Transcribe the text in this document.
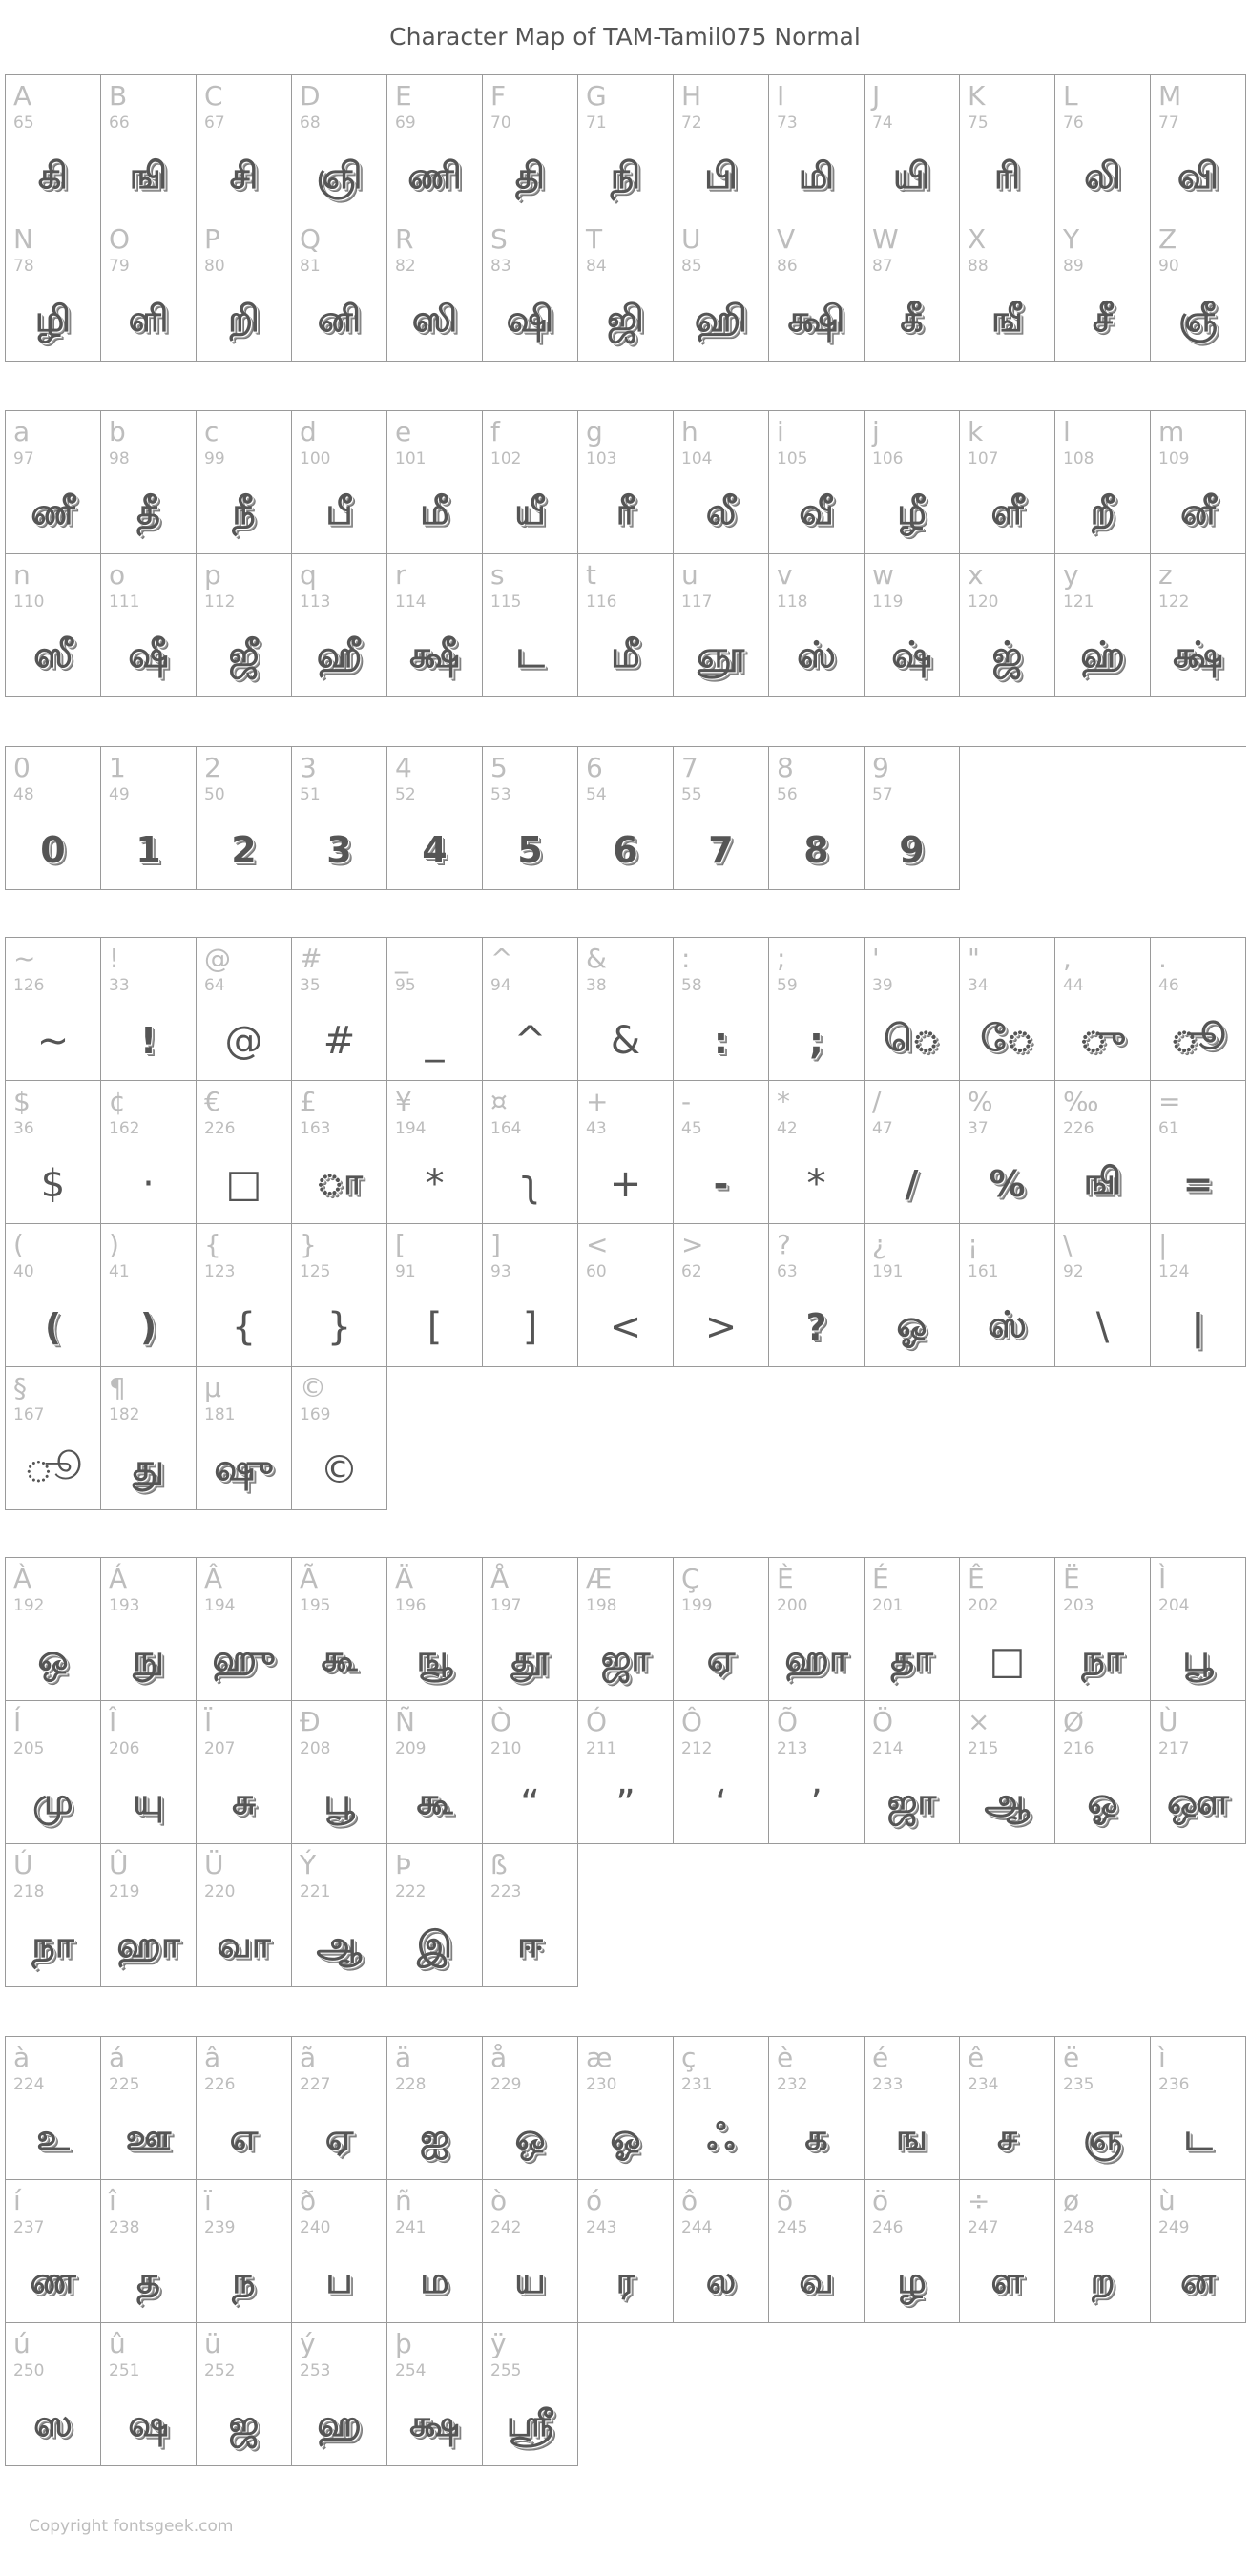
Character Map of TAM-Tamil075 Normal
A
65
கி
B
66
ஙி
C
67
சி
D
68
ஞி
E
69
ணி
F
70
தி
G
71
நி
H
72
பி
I
73
மி
J
74
யி
K
75
ரி
L
76
லி
M
77
வி
N
78
ழி
O
79
ளி
P
80
றி
Q
81
னி
R
82
ஸி
S
83
ஷி
T
84
ஜி
U
85
ஹி
V
86
க்ஷி
W
87
கீ
X
88
ஙீ
Y
89
சீ
Z
90
ஞீ
a
97
ணீ
b
98
தீ
c
99
நீ
d
100
பீ
e
101
மீ
f
102
யீ
g
103
ரீ
h
104
லீ
i
105
வீ
j
106
ழீ
k
107
ளீ
l
108
றீ
m
109
னீ
n
110
ஸீ
o
111
ஷீ
p
112
ஜீ
q
113
ஹீ
r
114
க்ஷீ
s
115
ட
t
116
மீ
u
117
ஞூ
v
118
ஸ்
w
119
ஷ்
x
120
ஜ்
y
121
ஹ்
z
122
க்ஷ்
0
48
0
1
49
1
2
50
2
3
51
3
4
52
4
5
53
5
6
54
6
7
55
7
8
56
8
9
57
9
~
126
~
!
33
!
@
64
@
#
35
#
_
95
_
^
94
^
&
38
&
:
58
:
;
59
;
'
39
ெ
"
34
ே
,
44
ு
.
46
ூ
$
36
$
¢
162
·
€
226
□
£
163
ா
¥
194
*
¤
164
ʅ
+
43
+
-
45
-
*
42
*
/
47
/
%
37
%
‰
226
ஙி
=
61
=
(
40
(
)
41
)
{
123
{
}
125
}
[
91
[
]
93
]
<
60
<
>
62
>
?
63
?
¿
191
ஓ
¡
161
ஸ்
\
92
\
|
124
|
§
167
ூ
¶
182
து
µ
181
ஷு
©
169
©
À
192
ஒ
Á
193
நு
Â
194
ஹு
Ã
195
கூ
Ä
196
ஙூ
Å
197
தூ
Æ
198
ஜா
Ç
199
ஏ
È
200
ஹா
É
201
தா
Ê
202
□
Ë
203
நா
Ì
204
பூ
Í
205
மு
Î
206
யு
Ï
207
சு
Ð
208
பூ
Ñ
209
கூ
Ò
210
“
Ó
211
”
Ô
212
‘
Õ
213
’
Ö
214
ஜா
×
215
ஆ
Ø
216
ஓ
Ù
217
ஔ
Ú
218
நா
Û
219
ஹா
Ü
220
வா
Ý
221
ஆ
Þ
222
இ
ß
223
ஈ
à
224
உ
á
225
ஊ
â
226
எ
ã
227
ஏ
ä
228
ஐ
å
229
ஒ
æ
230
ஓ
ç
231
ஃ
è
232
க
é
233
ங
ê
234
ச
ë
235
ஞ
ì
236
ட
í
237
ண
î
238
த
ï
239
ந
ð
240
ப
ñ
241
ம
ò
242
ய
ó
243
ர
ô
244
ல
õ
245
வ
ö
246
ழ
÷
247
ள
ø
248
ற
ù
249
ன
ú
250
ஸ
û
251
ஷ
ü
252
ஜ
ý
253
ஹ
þ
254
க்ஷ
ÿ
255
ஸ்ரீ
Copyright fontsgeek.com
